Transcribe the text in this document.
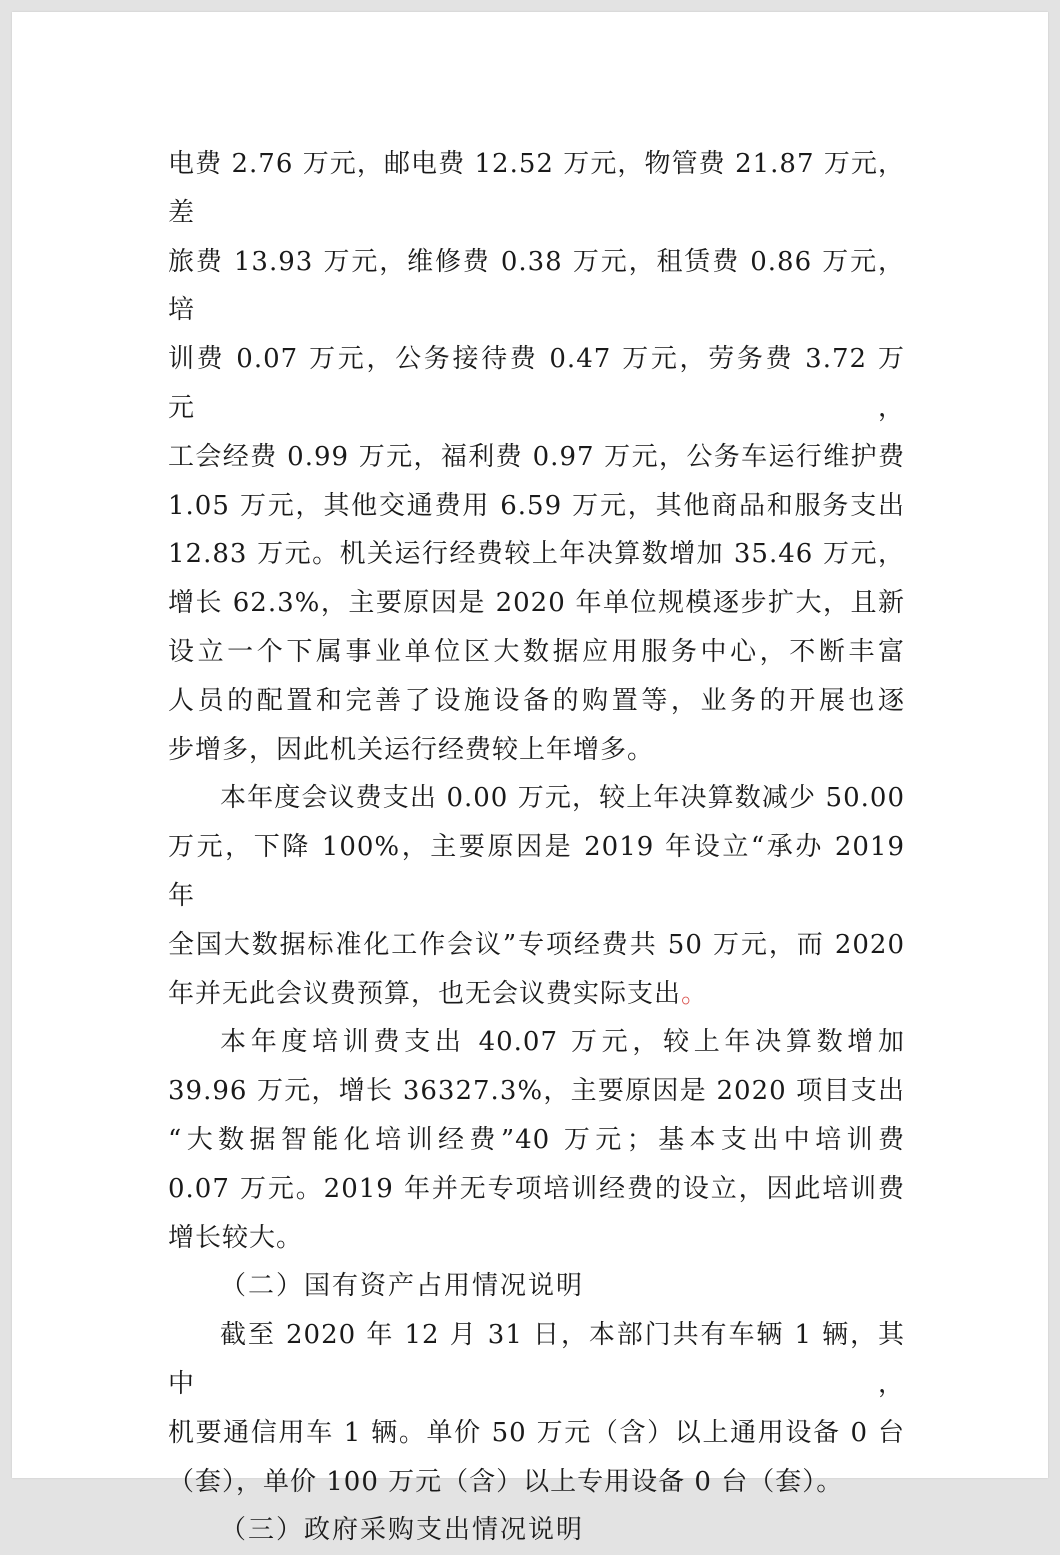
电费 2.76 万元，邮电费 12.52 万元，物管费 21.87 万元，差

旅费 13.93 万元，维修费 0.38 万元，租赁费 0.86 万元，培

训费 0.07 万元，公务接待费 0.47 万元，劳务费 3.72 万元，

工会经费 0.99 万元，福利费 0.97 万元，公务车运行维护费

1.05 万元，其他交通费用 6.59 万元，其他商品和服务支出

12.83 万元。机关运行经费较上年决算数增加 35.46 万元，

增长 62.3%，主要原因是 2020 年单位规模逐步扩大，且新

设立一个下属事业单位区大数据应用服务中心，不断丰富

人员的配置和完善了设施设备的购置等，业务的开展也逐

步增多，因此机关运行经费较上年增多。

本年度会议费支出 0.00 万元，较上年决算数减少 50.00

万元，下降 100%，主要原因是 2019 年设立“承办 2019 年

全国大数据标准化工作会议”专项经费共 50 万元，而 2020

年并无此会议费预算，也无会议费实际支出。

本年度培训费支出 40.07 万元，较上年决算数增加

39.96 万元，增长 36327.3%，主要原因是 2020 项目支出

“大数据智能化培训经费”40 万元；基本支出中培训费

0.07 万元。2019 年并无专项培训经费的设立，因此培训费

增长较大。

（二）国有资产占用情况说明

截至 2020 年 12 月 31 日，本部门共有车辆 1 辆，其中，

机要通信用车 1 辆。单价 50 万元（含）以上通用设备 0 台

（套），单价 100 万元（含）以上专用设备 0 台（套）。

（三）政府采购支出情况说明
